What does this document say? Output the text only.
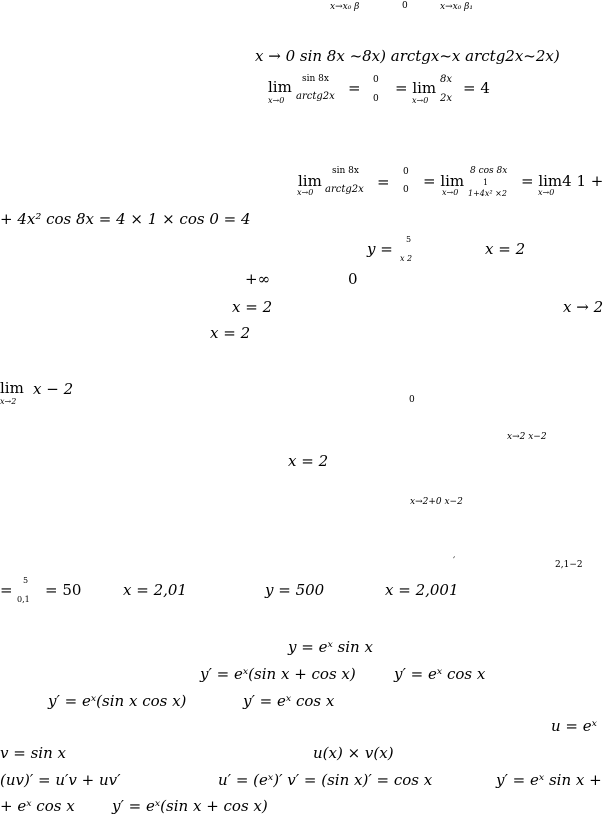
x→x₀ β	0	x→x₀ β₁
x → 0 sin 8x ~8x) arctgx~x arctg2x~2x)
lim
x→0
sin 8x
arctg2x = 0
0
= lim
x→0
8x
2x
= 4
lim
x→0
sin 8x
arctg2x =
0
0 = lim
x→0
8 cos 8x
1
1+4x² ×2
= lim4 1 +
x→0
+ 4x² cos 8x = 4 × 1 × cos 0 = 4
y =
5
x 2
x = 2
+∞	0
x = 2	x → 2
x = 2
lim
x→2
x − 2
0
x→2 x−2
x = 2
x→2+0 x−2
′	2,1−2
=
5
0,1
= 50	x = 2,01	y = 500	x = 2,001
y = eˣ sin x
y′ = eˣ(sin x + cos x)	y′ = eˣ cos x
y′ = eˣ(sin x cos x)	y′ = eˣ cos x
u = eˣ
v = sin x	u(x) × v(x)
(uv)′ = u′v + uv′	u′ = (eˣ)′ v′ = (sin x)′ = cos x	y′ = eˣ sin x +
+ eˣ cos x y′ = eˣ(sin x + cos x)
